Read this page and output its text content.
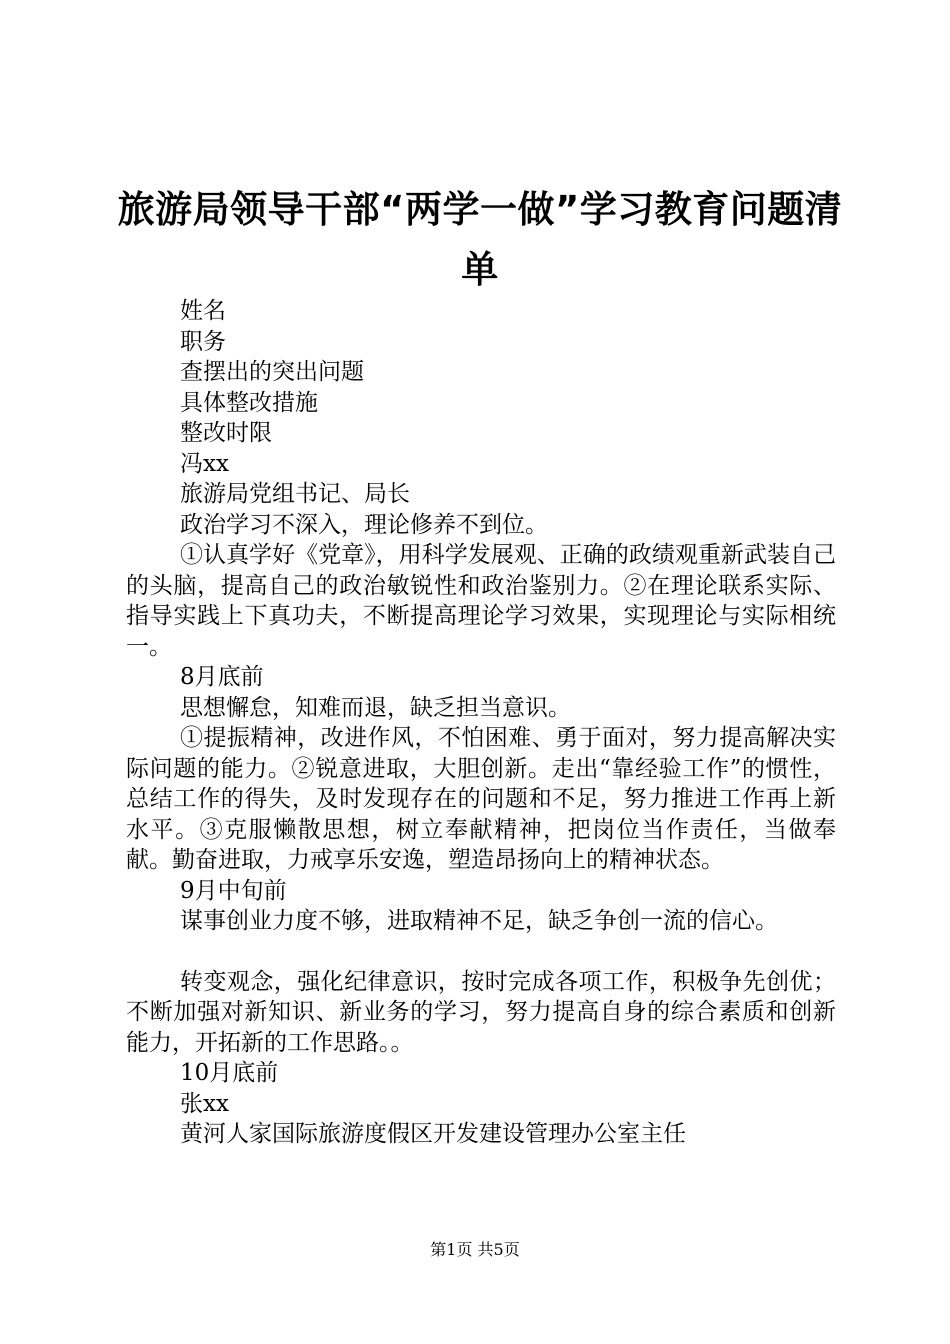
旅游局领导干部“两学一做”学习教育问题清单

姓名

职务

查摆出的突出问题

具体整改措施

整改时限

冯xx

旅游局党组书记、局长

政治学习不深入，理论修养不到位。

①认真学好《党章》，用科学发展观、正确的政绩观重新武装自己的头脑，提高自己的政治敏锐性和政治鉴别力。②在理论联系实际、指导实践上下真功夫，不断提高理论学习效果，实现理论与实际相统一。

8月底前

思想懈怠，知难而退，缺乏担当意识。

①提振精神，改进作风，不怕困难、勇于面对，努力提高解决实际问题的能力。②锐意进取，大胆创新。走出“靠经验工作”的惯性，总结工作的得失，及时发现存在的问题和不足，努力推进工作再上新水平。③克服懒散思想，树立奉献精神，把岗位当作责任，当做奉献。勤奋进取，力戒享乐安逸，塑造昂扬向上的精神状态。

9月中旬前

谋事创业力度不够，进取精神不足，缺乏争创一流的信心。

转变观念，强化纪律意识，按时完成各项工作，积极争先创优；不断加强对新知识、新业务的学习，努力提高自身的综合素质和创新能力，开拓新的工作思路。。

10月底前

张xx

黄河人家国际旅游度假区开发建设管理办公室主任

第1页 共5页
